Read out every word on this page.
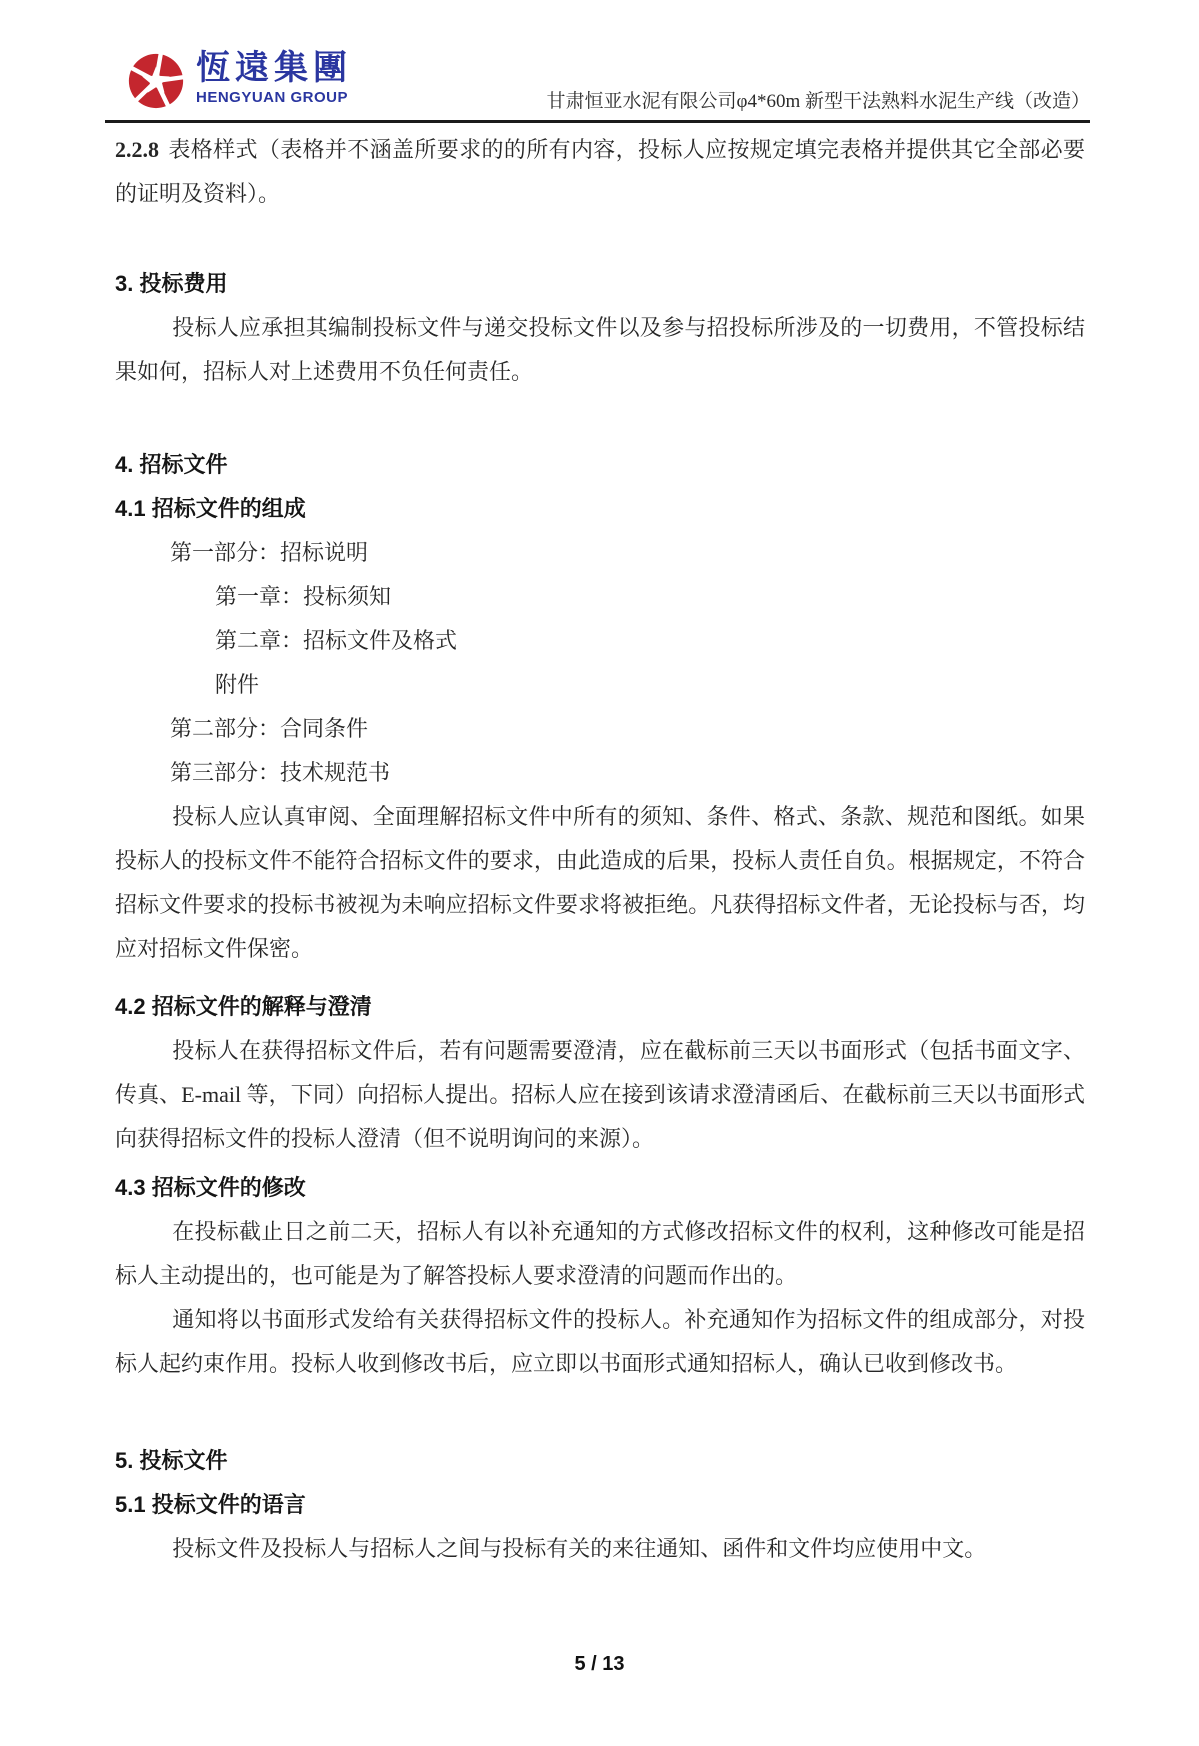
恆遠集團
HENGYUAN GROUP	甘肃恒亚水泥有限公司φ4*60m 新型干法熟料水泥生产线（改造）

2.2.8 表格样式（表格并不涵盖所要求的的所有内容，投标人应按规定填完表格并提供其它全部必要的证明及资料）。

3. 投标费用

投标人应承担其编制投标文件与递交投标文件以及参与招投标所涉及的一切费用，不管投标结果如何，招标人对上述费用不负任何责任。

4. 招标文件
4.1 招标文件的组成
第一部分：招标说明
第一章：投标须知
第二章：招标文件及格式
附件
第二部分：合同条件
第三部分：技术规范书

投标人应认真审阅、全面理解招标文件中所有的须知、条件、格式、条款、规范和图纸。如果投标人的投标文件不能符合招标文件的要求，由此造成的后果，投标人责任自负。根据规定，不符合招标文件要求的投标书被视为未响应招标文件要求将被拒绝。凡获得招标文件者，无论投标与否，均应对招标文件保密。

4.2 招标文件的解释与澄清

投标人在获得招标文件后，若有问题需要澄清，应在截标前三天以书面形式（包括书面文字、传真、E-mail 等，下同）向招标人提出。招标人应在接到该请求澄清函后、在截标前三天以书面形式向获得招标文件的投标人澄清（但不说明询问的来源）。

4.3 招标文件的修改

在投标截止日之前二天，招标人有以补充通知的方式修改招标文件的权利，这种修改可能是招标人主动提出的，也可能是为了解答投标人要求澄清的问题而作出的。

通知将以书面形式发给有关获得招标文件的投标人。补充通知作为招标文件的组成部分，对投标人起约束作用。投标人收到修改书后，应立即以书面形式通知招标人，确认已收到修改书。

5. 投标文件
5.1 投标文件的语言

投标文件及投标人与招标人之间与投标有关的来往通知、函件和文件均应使用中文。

5 / 13
